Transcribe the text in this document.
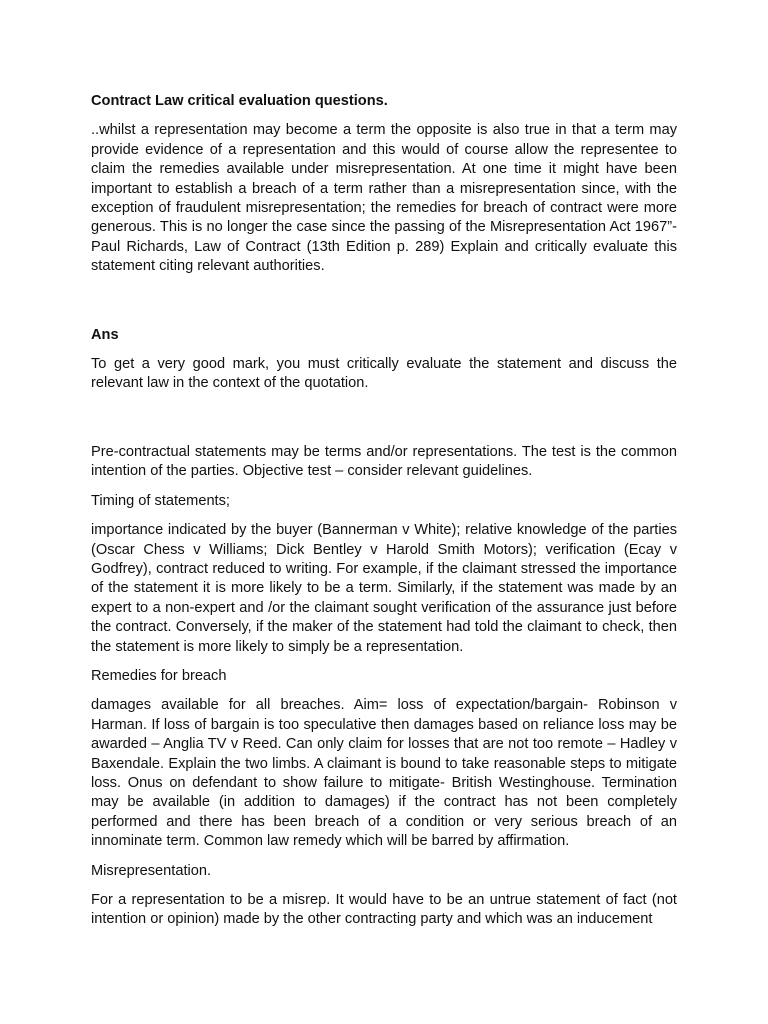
Contract Law critical evaluation questions.

..whilst a representation may become a term the opposite is also true in that a term may provide evidence of a representation and this would of course allow the representee to claim the remedies available under misrepresentation. At one time it might have been important to establish a breach of a term rather than a misrepresentation since, with the exception of fraudulent misrepresentation; the remedies for breach of contract were more generous. This is no longer the case since the passing of the Misrepresentation Act 1967”- Paul Richards, Law of Contract (13th Edition p. 289) Explain and critically evaluate this statement citing relevant authorities.

Ans

To get a very good mark, you must critically evaluate the statement and discuss the relevant law in the context of the quotation.

Pre-contractual statements may be terms and/or representations. The test is the common intention of the parties. Objective test – consider relevant guidelines.

Timing of statements;

importance indicated by the buyer (Bannerman v White); relative knowledge of the parties (Oscar Chess v Williams; Dick Bentley v Harold Smith Motors); verification (Ecay v Godfrey), contract reduced to writing. For example, if the claimant stressed the importance of the statement it is more likely to be a term. Similarly, if the statement was made by an expert to a non-expert and /or the claimant sought verification of the assurance just before the contract. Conversely, if the maker of the statement had told the claimant to check, then the statement is more likely to simply be a representation.

Remedies for breach

damages available for all breaches. Aim= loss of expectation/bargain- Robinson v Harman. If loss of bargain is too speculative then damages based on reliance loss may be awarded – Anglia TV v Reed. Can only claim for losses that are not too remote – Hadley v Baxendale. Explain the two limbs. A claimant is bound to take reasonable steps to mitigate loss. Onus on defendant to show failure to mitigate- British Westinghouse. Termination may be available (in addition to damages) if the contract has not been completely performed and there has been breach of a condition or very serious breach of an innominate term. Common law remedy which will be barred by affirmation.

Misrepresentation.

For a representation to be a misrep. It would have to be an untrue statement of fact (not intention or opinion) made by the other contracting party and which was an inducement
